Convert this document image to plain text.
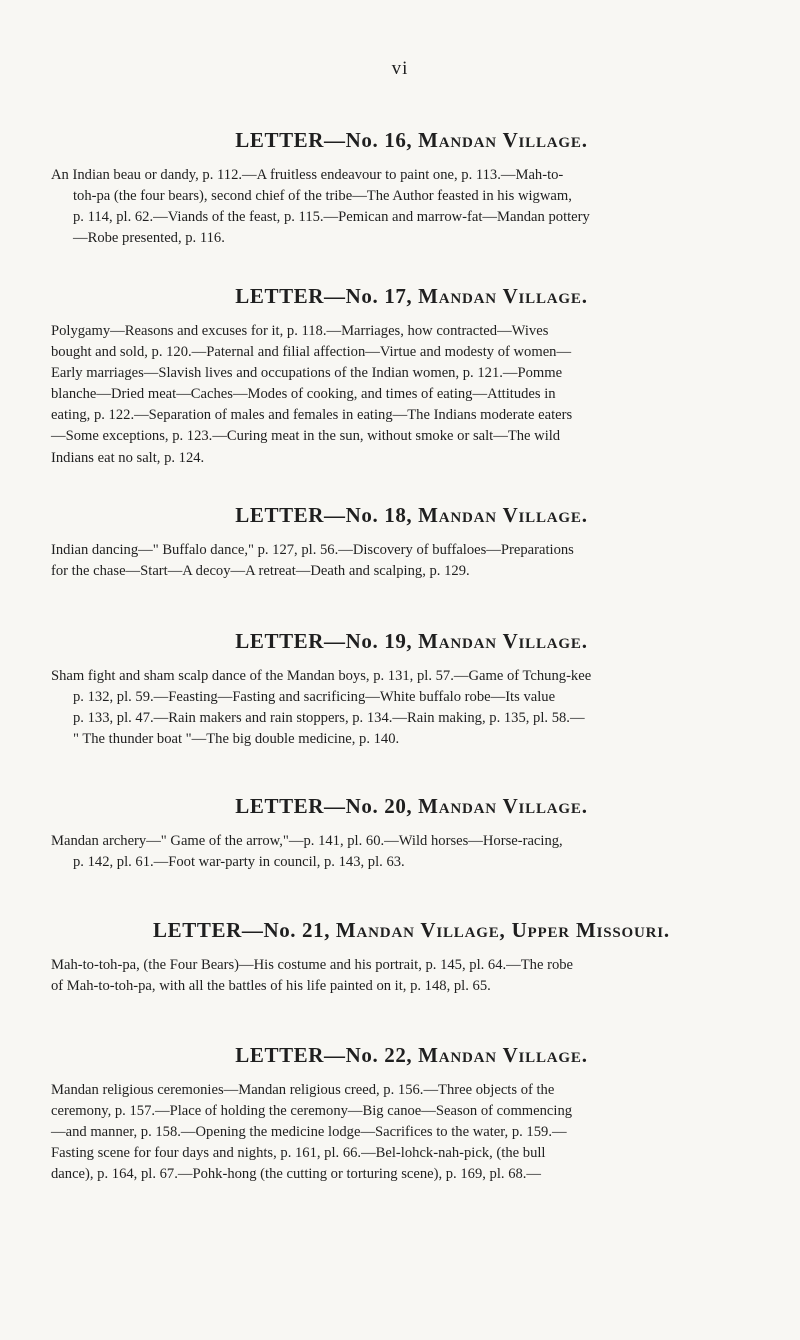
vi
LETTER—No. 16, Mandan Village.

An Indian beau or dandy, p. 112.—A fruitless endeavour to paint one, p. 113.—Mah-to-
toh-pa (the four bears), second chief of the tribe—The Author feasted in his wigwam,
p. 114, pl. 62.—Viands of the feast, p. 115.—Pemican and marrow-fat—Mandan pottery
—Robe presented, p. 116.

LETTER—No. 17, Mandan Village.

Polygamy—Reasons and excuses for it, p. 118.—Marriages, how contracted—Wives
bought and sold, p. 120.—Paternal and filial affection—Virtue and modesty of women—
Early marriages—Slavish lives and occupations of the Indian women, p. 121.—Pomme
blanche—Dried meat—Caches—Modes of cooking, and times of eating—Attitudes in
eating, p. 122.—Separation of males and females in eating—The Indians moderate eaters
—Some exceptions, p. 123.—Curing meat in the sun, without smoke or salt—The wild
Indians eat no salt, p. 124.

LETTER—No. 18, Mandan Village.

Indian dancing—" Buffalo dance," p. 127, pl. 56.—Discovery of buffaloes—Preparations
for the chase—Start—A decoy—A retreat—Death and scalping, p. 129.

LETTER—No. 19, Mandan Village.

Sham fight and sham scalp dance of the Mandan boys, p. 131, pl. 57.—Game of Tchung-kee
p. 132, pl. 59.—Feasting—Fasting and sacrificing—White buffalo robe—Its value
p. 133, pl. 47.—Rain makers and rain stoppers, p. 134.—Rain making, p. 135, pl. 58.—
" The thunder boat "—The big double medicine, p. 140.

LETTER—No. 20, Mandan Village.

Mandan archery—" Game of the arrow,"—p. 141, pl. 60.—Wild horses—Horse-racing,
p. 142, pl. 61.—Foot war-party in council, p. 143, pl. 63.

LETTER—No. 21, Mandan Village, Upper Missouri.

Mah-to-toh-pa, (the Four Bears)—His costume and his portrait, p. 145, pl. 64.—The robe
of Mah-to-toh-pa, with all the battles of his life painted on it, p. 148, pl. 65.

LETTER—No. 22, Mandan Village.

Mandan religious ceremonies—Mandan religious creed, p. 156.—Three objects of the
ceremony, p. 157.—Place of holding the ceremony—Big canoe—Season of commencing
—and manner, p. 158.—Opening the medicine lodge—Sacrifices to the water, p. 159.—
Fasting scene for four days and nights, p. 161, pl. 66.—Bel-lohck-nah-pick, (the bull
dance), p. 164, pl. 67.—Pohk-hong (the cutting or torturing scene), p. 169, pl. 68.—
